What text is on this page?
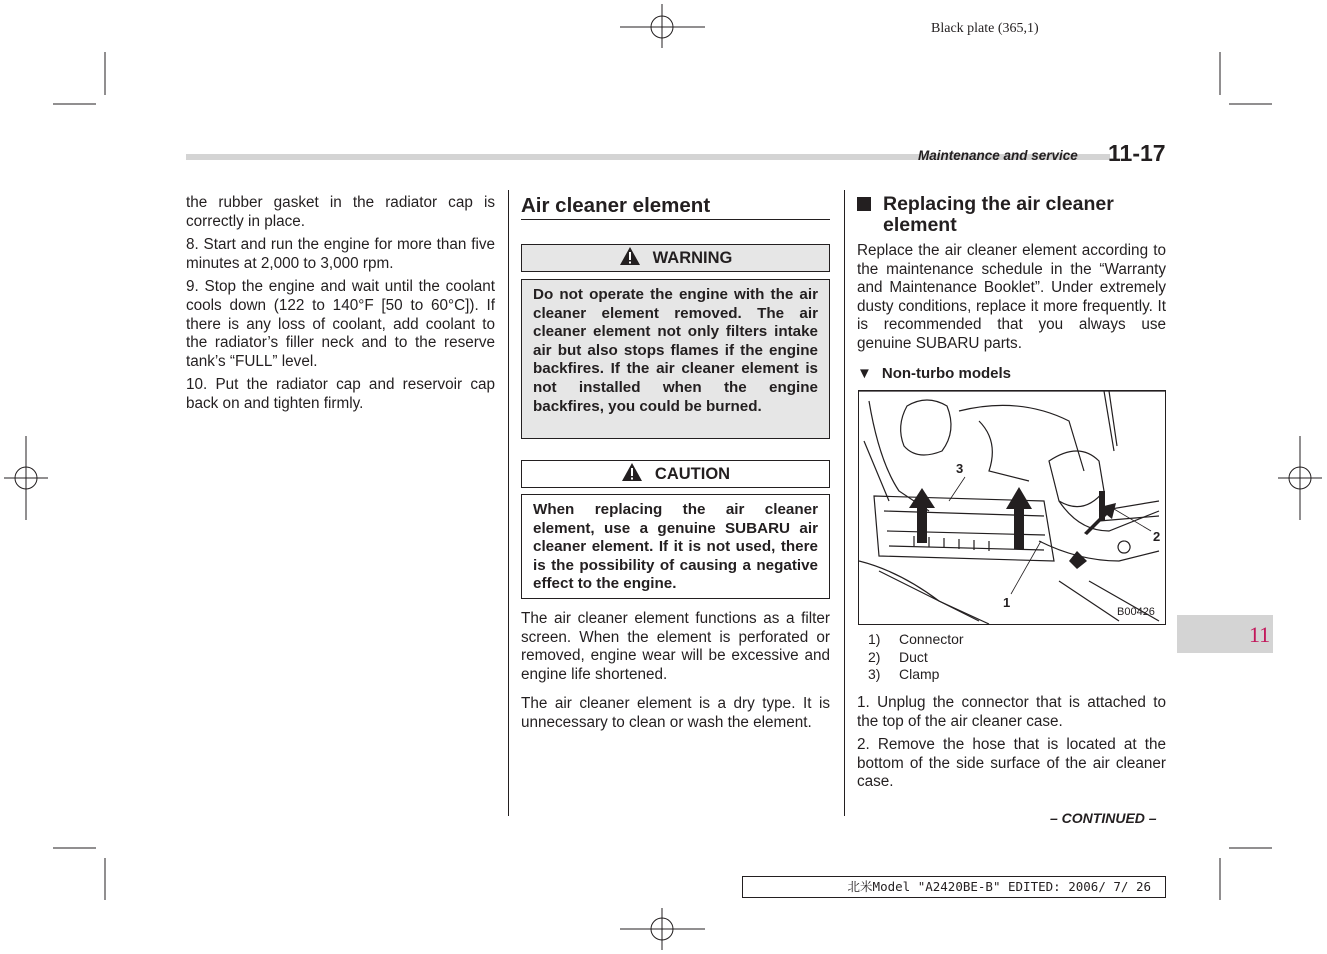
Black plate (365,1)
Maintenance and service 11-17

the rubber gasket in the radiator cap is correctly in place.

8. Start and run the engine for more than five minutes at 2,000 to 3,000 rpm.

9. Stop the engine and wait until the coolant cools down (122 to 140°F [50 to 60°C]). If there is any loss of coolant, add coolant to the radiator’s filler neck and to the reserve tank’s “FULL” level.

10. Put the radiator cap and reservoir cap back on and tighten firmly.

Air cleaner element
WARNING
Do not operate the engine with the air cleaner element removed. The air cleaner element not only filters intake air but also stops flames if the engine backfires. If the air cleaner element is not installed when the engine backfires, you could be burned.
CAUTION
When replacing the air cleaner element, use a genuine SUBARU air cleaner element. If it is not used, there is the possibility of causing a negative effect to the engine.

The air cleaner element functions as a filter screen. When the element is perforated or removed, engine wear will be excessive and engine life shortened.

The air cleaner element is a dry type. It is unnecessary to clean or wash the element.

Replacing the air cleaner
element

Replace the air cleaner element according to the maintenance schedule in the “Warranty and Maintenance Booklet”. Under extremely dusty conditions, replace it more frequently. It is recommended that you always use genuine SUBARU parts.

▼ Non-turbo models
3
2
1
B00426
1) Connector
2) Duct
3) Clamp

1. Unplug the connector that is attached to the top of the air cleaner case.

2. Remove the hose that is located at the bottom of the side surface of the air cleaner case.

– CONTINUED –
11
北米Model "A2420BE-B" EDITED: 2006/ 7/ 26
